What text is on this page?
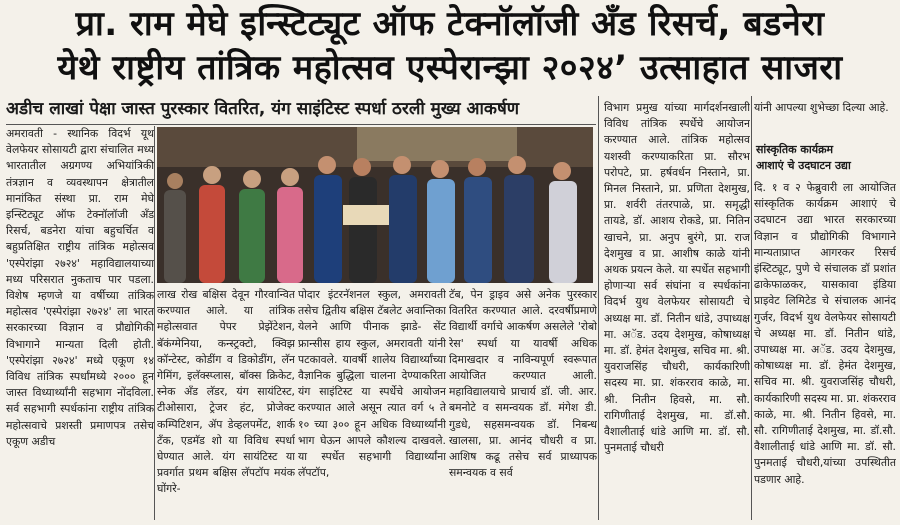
प्रा. राम मेघे इन्स्टिट्यूट ऑफ टेक्नॉलॉजी अँड रिसर्च, बडनेरा
येथे राष्ट्रीय तांत्रिक महोत्सव एस्पेरान्झा २०२४’ उत्साहात साजरा
अडीच लाखां पेक्षा जास्त पुरस्कार वितरित, यंग साइंटिस्ट स्पर्धा ठरली मुख्य आकर्षण
अमरावती - स्थानिक विदर्भ यूथ वेलफेयर सोसायटी द्वारा संचालित मध्य भारतातील अग्रगण्य अभियांत्रिकी तंत्रज्ञान व व्यवस्थापन क्षेत्रातील मानांकित संस्था प्रा. राम मेघे इन्स्टिट्यूट ऑफ टेक्नॉलॉजी अँड रिसर्च, बडनेरा यांचा बहुचर्चित व बहुप्रतिक्षित राष्ट्रीय तांत्रिक महोत्सव 'एस्पेरांझा २७२४' महाविद्यालयाच्या मध्य परिसरात नुकताच पार पडला. विशेष म्हणजे या वर्षीच्या तांत्रिक महोत्सव 'एस्पेरांझा २७२४' ला भारत सरकारच्या विज्ञान व प्रौद्योगिकी विभागाने मान्यता दिली होती. 'एस्पेरांझा २७२४' मध्ये एकूण १४ विविध तांत्रिक स्पर्धांमध्ये २००० हून जास्त विध्यार्थ्यांनी सहभाग नोंदविला. सर्व सहभागी स्पर्धकांना राष्ट्रीय तांत्रिक महोत्सवाचे प्रशस्ती प्रमाणपत्र तसेच एकूण अडीच
लाख रोख बक्षिस देवून गौरवान्वित करण्यात आले. या तांत्रिक महोत्सवात पेपर प्रेझेंटेशन, बॅकंग्मेनिया, कन्स्ट्रक्टो, क्विझ कॉन्टेस्ट, कोडींग व डिकोडींग, लॅन गेमिंग, इलॅक्स्प्लास, बॉक्स क्रिकेट, स्नेक अँड लॅडर, यंग सायंटिस्ट, टीओसारा, ट्रेजर हंट, प्रोजेक्ट कम्पिटिशन, ॲप डेव्हलपमेंट, शार्क टँक, एडमॅड शो या विविध स्पर्धा घेण्यात आले. यंग सायंटिस्ट या प्रवर्गात प्रथम बक्षिस लॅपटॉप मयंक घोंगरे-
पोदार इंटरनॅशनल स्कुल, अमरावती तसेच द्वितीय बक्षिस टॅबलेट अवान्तिका येलने आणि पीनाक झाडे- सेंट फ्रान्सीस हाय स्कुल, अमरावती यांनी पटकावले. यावर्षी शालेय विद्यार्थ्यांच्या वैज्ञानिक बुद्धिला चालना देण्याकरिता यंग साइंटिस्ट या स्पर्धेचे आयोजन करण्यात आले असून त्यात वर्ग ५ ते १० च्या ३०० हून अधिक विध्यार्थ्यांनी भाग घेऊन आपले कौशल्य दाखवले. या स्पर्धेत सहभागी विद्यार्थ्यांना लॅपटॉप,
टॅब, पेन ड्राइव असे अनेक पुरस्कार वितरित करण्यात आले. दरवर्षीप्रमाणे विद्यार्थी वर्गाचे आकर्षण असलेले 'रोबो रेस' स्पर्धा या यावर्षी अधिक दिमाखदार व नाविन्यपूर्ण स्वरूपात आयोजित करण्यात आली. महाविद्यालयाचे प्राचार्य डॉ. जी. आर. बमनोटे व समन्वयक डॉ. मंगेश डी. गुडधे, सहसमन्वयक डॉ. निबन्ध खालसा, प्रा. आनंद चौधरी व प्रा. आशिष कढू तसेच सर्व प्राध्यापक समन्वयक व सर्व
विभाग प्रमुख यांच्या मार्गदर्शनखाली विविध तांत्रिक स्पर्धेचे आयोजन करण्यात आले. तांत्रिक महोत्सव यशस्वी करण्याकरिता प्रा. सौरभ परोपटे, प्रा. हर्षवर्धन निस्ताने, प्रा. मिनल निस्ताने, प्रा. प्रणिता देशमुख, प्रा. शर्वरी तंतरपाळे, प्रा. समृद्धी तायडे, डॉ. आशय रोकडे, प्रा. नितिन खाचने, प्रा. अनुप बुरंगे, प्रा. राज देशमुख व प्रा. आशीष काळे यांनी अथक प्रयत्न केले. या स्पर्धेत सहभागी होणाऱ्या सर्व संघांना व स्पर्धकांना विदर्भ युथ वेलफेयर सोसायटी चे अध्यक्ष मा. डॉ. नितीन धांडे, उपाध्यक्ष मा. अॅड. उदय देशमुख, कोषाध्यक्ष मा. डॉ. हेमंत देशमुख, सचिव मा. श्री. युवराजसिंह चौधरी, कार्यकारिणी सदस्य मा. प्रा. शंकरराव काळे, मा. श्री. नितीन हिवसे, मा. सौ. रागिणीताई देशमुख, मा. डॉ.सौ. वैशालीताई धांडे आणि मा. डॉ. सौ. पुनमताई चौधरी
यांनी आपल्या शुभेच्छा दिल्या आहे.
सांस्कृतिक कार्यक्रम
आशाएं चे उदघाटन उद्या
दि. १ व २ फेब्रुवारी ला आयोजित सांस्कृतिक कार्यक्रम आशाएं चे उदघाटन उद्या भारत सरकारच्या विज्ञान व प्रौद्योगिकी विभागाने मान्यताप्राप्त आगरकर रिसर्च इंस्टिट्यूट, पुणे चे संचालक डॉ प्रशांत ढाकेफाळकर, यासकावा इंडिया प्राइवेट लिमिटेड चे संचालक आनंद गुर्जर, विदर्भ युथ वेलफेयर सोसायटी चे अध्यक्ष मा. डॉ. नितीन धांडे, उपाध्यक्ष मा. अॅड. उदय देशमुख, कोषाध्यक्ष मा. डॉ. हेमंत देशमुख, सचिव मा. श्री. युवराजसिंह चौधरी, कार्यकारिणी सदस्य मा. प्रा. शंकरराव काळे, मा. श्री. नितीन हिवसे, मा. सौ. रागिणीताई देशमुख, मा. डॉ.सौ. वैशालीताई धांडे आणि मा. डॉ. सौ. पुनमताई चौधरी,यांच्या उपस्थितीत पडणार आहे.
